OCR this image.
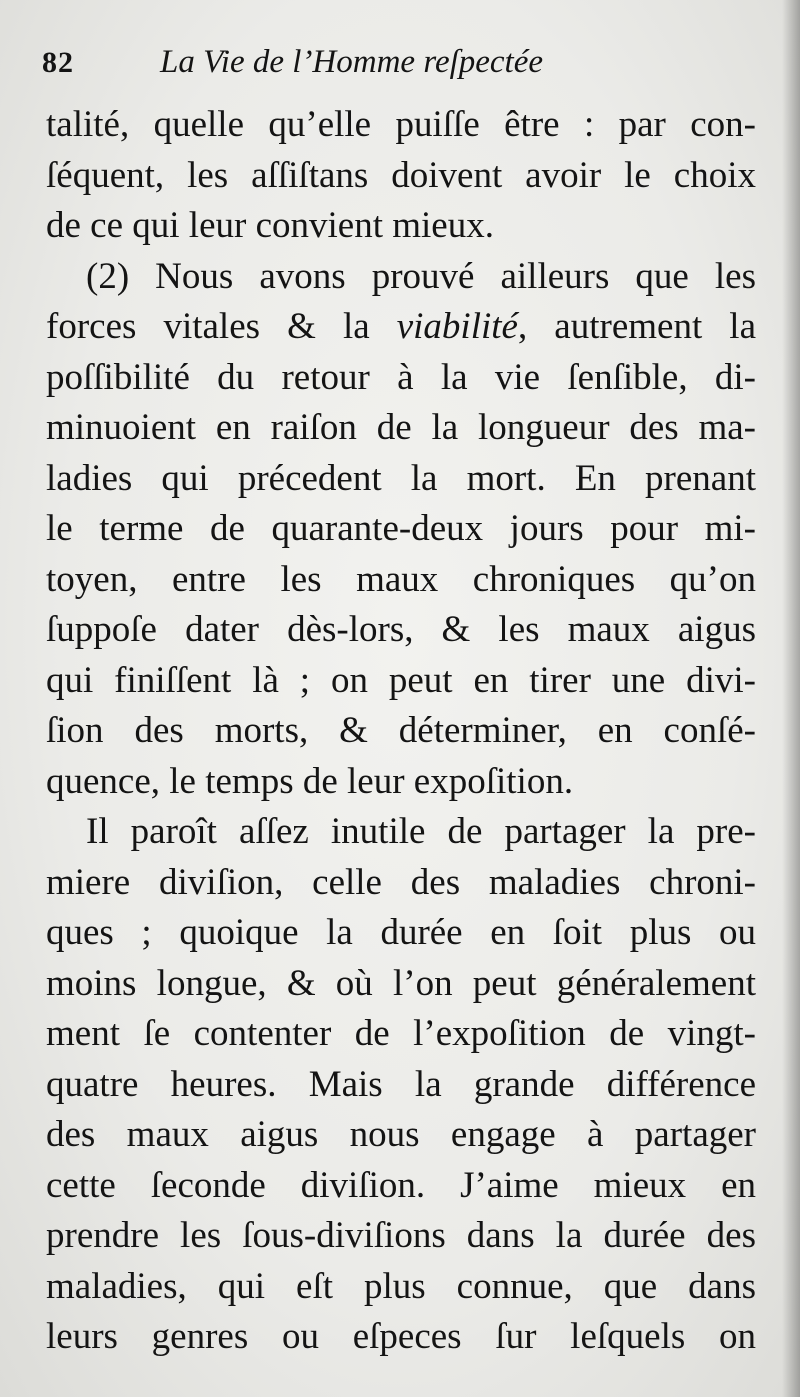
82	La Vie de l’Homme reſpectée
talité, quelle qu’elle puiſſe être : par con-
ſéquent, les aſſiſtans doivent avoir le choix
de ce qui leur convient mieux.
(2) Nous avons prouvé ailleurs que les
forces vitales & la viabilité, autrement la
poſſibilité du retour à la vie ſenſible, di-
minuoient en raiſon de la longueur des ma-
ladies qui précedent la mort. En prenant
le terme de quarante-deux jours pour mi-
toyen, entre les maux chroniques qu’on
ſuppoſe dater dès-lors, & les maux aigus
qui finiſſent là ; on peut en tirer une divi-
ſion des morts, & déterminer, en conſé-
quence, le temps de leur expoſition.
Il paroît aſſez inutile de partager la pre-
miere diviſion, celle des maladies chroni-
ques ; quoique la durée en ſoit plus ou
moins longue, & où l’on peut généralement
ment ſe contenter de l’expoſition de vingt-
quatre heures. Mais la grande différence
des maux aigus nous engage à partager
cette ſeconde diviſion. J’aime mieux en
prendre les ſous-diviſions dans la durée des
maladies, qui eſt plus connue, que dans
leurs genres ou eſpeces ſur leſquels on
